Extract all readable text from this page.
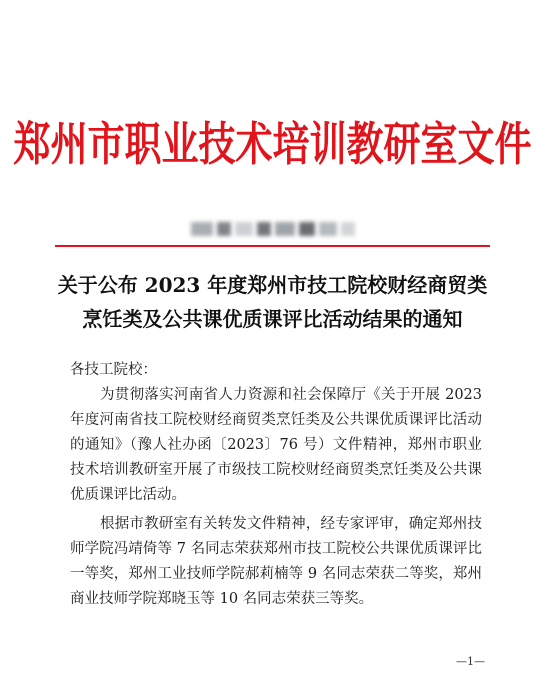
郑州市职业技术培训教研室文件
关于公布 2023 年度郑州市技工院校财经商贸类
烹饪类及公共课优质课评比活动结果的通知
各技工院校：
为贯彻落实河南省人力资源和社会保障厅《关于开展 2023 年度河南省技工院校财经商贸类烹饪类及公共课优质课评比活动的通知》（豫人社办函〔2023〕76 号）文件精神，郑州市职业技术培训教研室开展了市级技工院校财经商贸类烹饪类及公共课优质课评比活动。
根据市教研室有关转发文件精神，经专家评审，确定郑州技师学院冯靖倚等 7 名同志荣获郑州市技工院校公共课优质课评比一等奖，郑州工业技师学院郝莉楠等 9 名同志荣获二等奖，郑州商业技师学院郑晓玉等 10 名同志荣获三等奖。
—1—
